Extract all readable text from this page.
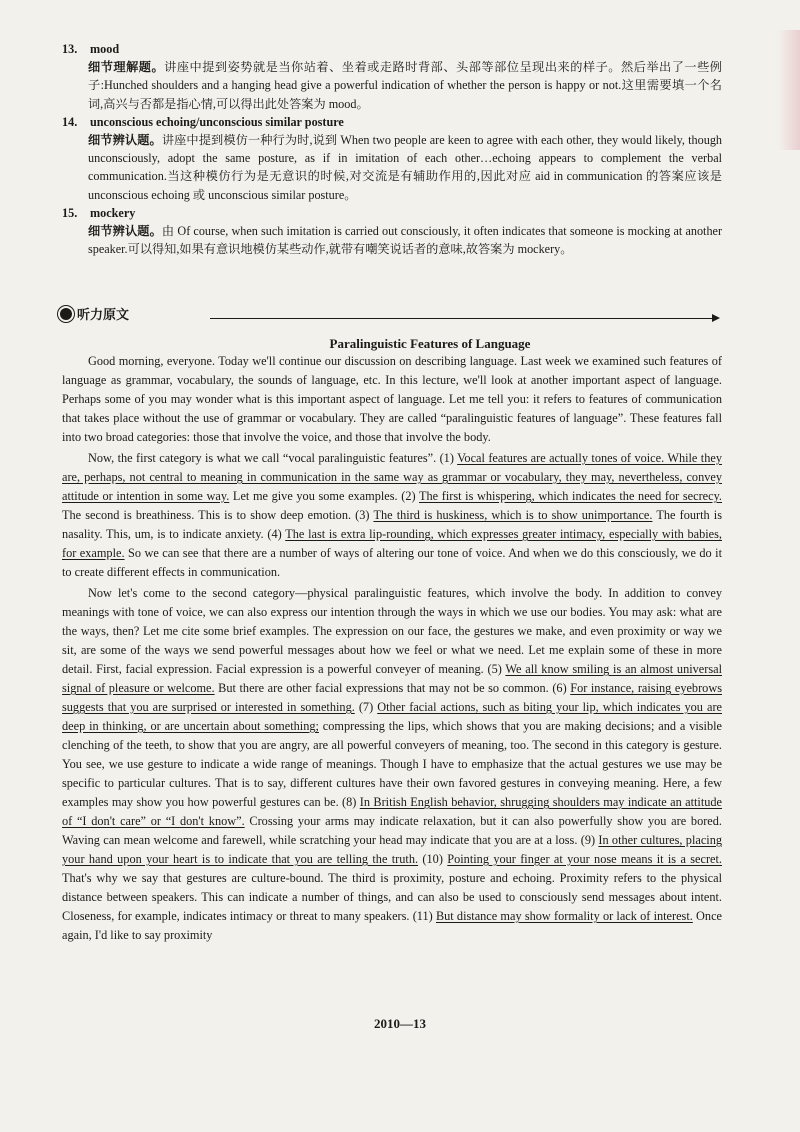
13. mood
细节理解题。讲座中提到姿势就是当你站着、坐着或走路时背部、头部等部位呈现出来的样子。然后举出了一些例子:Hunched shoulders and a hanging head give a powerful indication of whether the person is happy or not.这里需要填一个名词,高兴与否都是指心情,可以得出此处答案为 mood。
14. unconscious echoing/unconscious similar posture
细节辨认题。讲座中提到模仿一种行为时,说到 When two people are keen to agree with each other, they would likely, though unconsciously, adopt the same posture, as if in imitation of each other…echoing appears to complement the verbal communication.当这种模仿行为是无意识的时候,对交流是有辅助作用的,因此对应 aid in communication 的答案应该是 unconscious echoing 或 unconscious similar posture。
15. mockery
细节辨认题。由 Of course, when such imitation is carried out consciously, it often indicates that someone is mocking at another speaker.可以得知,如果有意识地模仿某些动作,就带有嘲笑说话者的意味,故答案为 mockery。
听力原文
Paralinguistic Features of Language

Good morning, everyone. Today we'll continue our discussion on describing language. Last week we examined such features of language as grammar, vocabulary, the sounds of language, etc. In this lecture, we'll look at another important aspect of language. Perhaps some of you may wonder what is this important aspect of language. Let me tell you: it refers to features of communication that takes place without the use of grammar or vocabulary. They are called “paralinguistic features of language”. These features fall into two broad categories: those that involve the voice, and those that involve the body.

Now, the first category is what we call “vocal paralinguistic features”. (1) Vocal features are actually tones of voice. While they are, perhaps, not central to meaning in communication in the same way as grammar or vocabulary, they may, nevertheless, convey attitude or intention in some way. Let me give you some examples. (2) The first is whispering, which indicates the need for secrecy. The second is breathiness. This is to show deep emotion. (3) The third is huskiness, which is to show unimportance. The fourth is nasality. This, um, is to indicate anxiety. (4) The last is extra lip-rounding, which expresses greater intimacy, especially with babies, for example. So we can see that there are a number of ways of altering our tone of voice. And when we do this consciously, we do it to create different effects in communication.

Now let's come to the second category—physical paralinguistic features, which involve the body. In addition to convey meanings with tone of voice, we can also express our intention through the ways in which we use our bodies. You may ask: what are the ways, then? Let me cite some brief examples. The expression on our face, the gestures we make, and even proximity or way we sit, are some of the ways we send powerful messages about how we feel or what we need. Let me explain some of these in more detail. First, facial expression. Facial expression is a powerful conveyer of meaning. (5) We all know smiling is an almost universal signal of pleasure or welcome. But there are other facial expressions that may not be so common. (6) For instance, raising eyebrows suggests that you are surprised or interested in something. (7) Other facial actions, such as biting your lip, which indicates you are deep in thinking, or are uncertain about something; compressing the lips, which shows that you are making decisions; and a visible clenching of the teeth, to show that you are angry, are all powerful conveyers of meaning, too. The second in this category is gesture. You see, we use gesture to indicate a wide range of meanings. Though I have to emphasize that the actual gestures we use may be specific to particular cultures. That is to say, different cultures have their own favored gestures in conveying meaning. Here, a few examples may show you how powerful gestures can be. (8) In British English behavior, shrugging shoulders may indicate an attitude of “I don't care” or “I don't know”. Crossing your arms may indicate relaxation, but it can also powerfully show you are bored. Waving can mean welcome and farewell, while scratching your head may indicate that you are at a loss. (9) In other cultures, placing your hand upon your heart is to indicate that you are telling the truth. (10) Pointing your finger at your nose means it is a secret. That's why we say that gestures are culture-bound. The third is proximity, posture and echoing. Proximity refers to the physical distance between speakers. This can indicate a number of things, and can also be used to consciously send messages about intent. Closeness, for example, indicates intimacy or threat to many speakers. (11) But distance may show formality or lack of interest. Once again, I'd like to say proximity

2010—13
